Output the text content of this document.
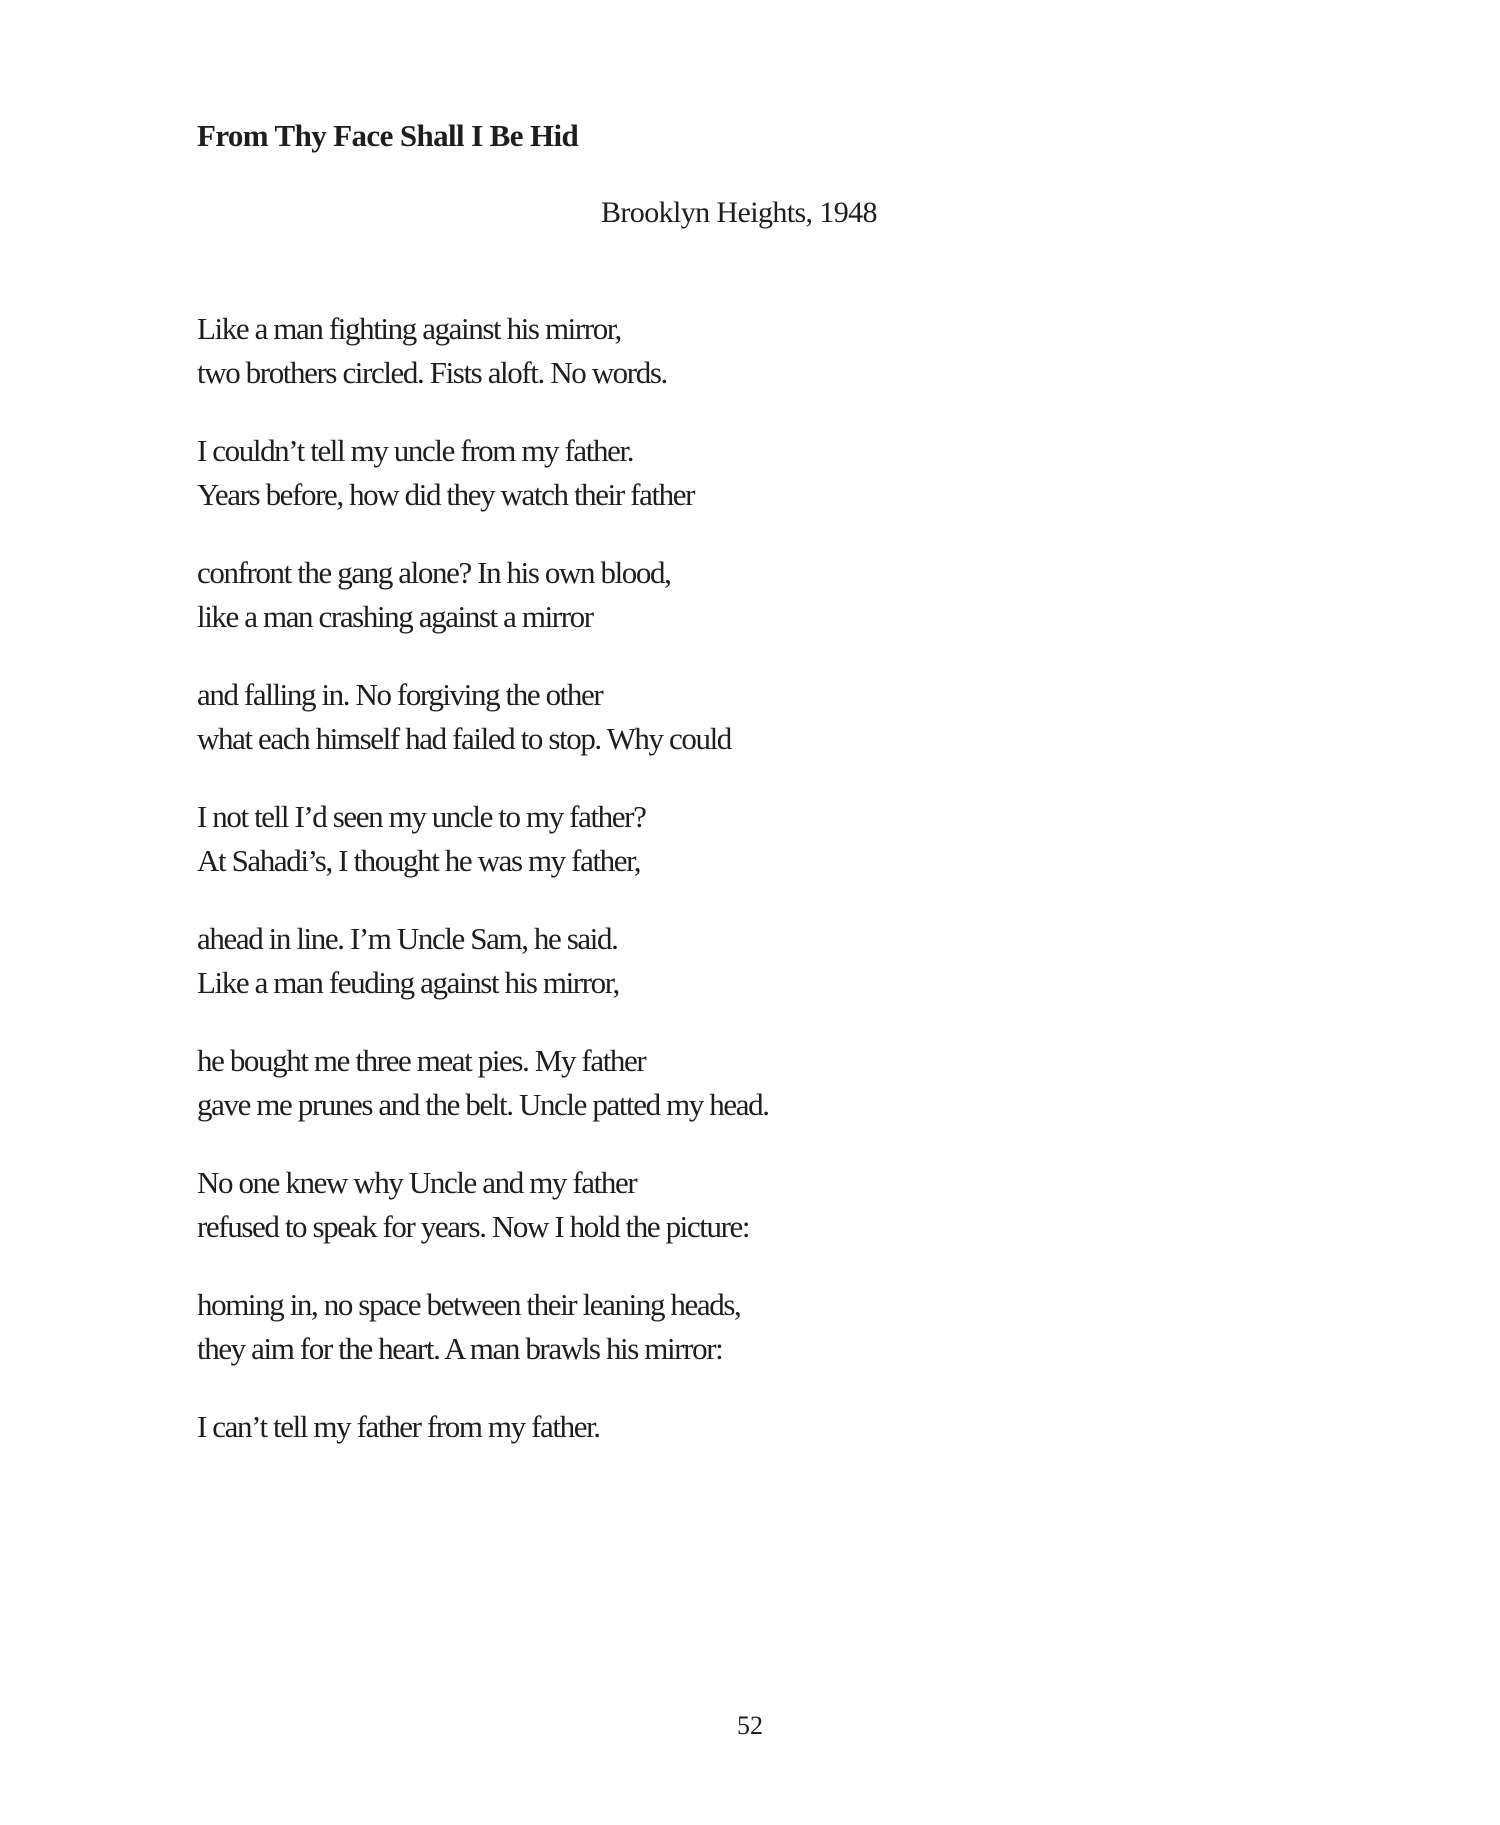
From Thy Face Shall I Be Hid
Brooklyn Heights, 1948
Like a man fighting against his mirror,
two brothers circled. Fists aloft. No words.
I couldn’t tell my uncle from my father.
Years before, how did they watch their father
confront the gang alone? In his own blood,
like a man crashing against a mirror
and falling in. No forgiving the other
what each himself had failed to stop. Why could
I not tell I’d seen my uncle to my father?
At Sahadi’s, I thought he was my father,
ahead in line. I’m Uncle Sam, he said.
Like a man feuding against his mirror,
he bought me three meat pies. My father
gave me prunes and the belt. Uncle patted my head.
No one knew why Uncle and my father
refused to speak for years. Now I hold the picture:
homing in, no space between their leaning heads,
they aim for the heart. A man brawls his mirror:
I can’t tell my father from my father.
52
